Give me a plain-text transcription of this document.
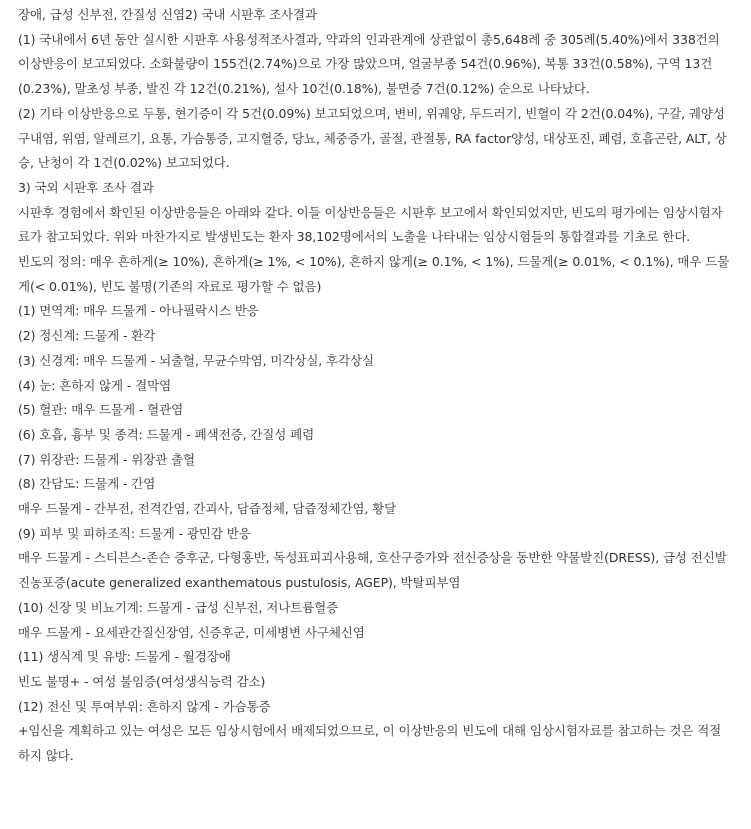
장애, 급성 신부전, 간질성 신염2) 국내 시판후 조사결과
(1) 국내에서 6년 동안 실시한 시판후 사용성적조사결과, 약과의 인과관계에 상관없이 총5,648례 중 305례(5.40%)에서 338건의 이상반응이 보고되었다. 소화불량이 155건(2.74%)으로 가장 많았으며, 얼굴부종 54건(0.96%), 복통 33건(0.58%), 구역 13건(0.23%), 말초성 부종, 발진 각 12건(0.21%), 설사 10건(0.18%), 불면증 7건(0.12%) 순으로 나타났다.
(2) 기타 이상반응으로 두통, 현기증이 각 5건(0.09%) 보고되었으며, 변비, 위궤양, 두드러기, 빈혈이 각 2건(0.04%), 구갈, 궤양성 구내염, 위염, 알레르기, 요통, 가슴통증, 고지혈증, 당뇨, 체중증가, 골절, 관절통, RA factor양성, 대상포진, 폐렴, 호흡곤란, ALT, 상승, 난청이 각 1건(0.02%) 보고되었다.
3) 국외 시판후 조사 결과
시판후 경험에서 확인된 이상반응들은 아래와 같다. 이들 이상반응들은 시판후 보고에서 확인되었지만, 빈도의 평가에는 임상시험자료가 참고되었다. 위와 마찬가지로 발생빈도는 환자 38,102명에서의 노출을 나타내는 임상시험들의 통합결과를 기초로 한다.
빈도의 정의: 매우 흔하게(≥ 10%), 흔하게(≥ 1%, < 10%), 흔하지 않게(≥ 0.1%, < 1%), 드물게(≥ 0.01%, < 0.1%), 매우 드물게(< 0.01%), 빈도 불명(기존의 자료로 평가할 수 없음)
(1) 면역계: 매우 드물게 - 아나필락시스 반응
(2) 정신계: 드물게 - 환각
(3) 신경계: 매우 드물게 - 뇌출혈, 무균수막염, 미각상실, 후각상실
(4) 눈: 흔하지 않게 - 결막염
(5) 혈관: 매우 드물게 - 혈관염
(6) 호흡, 흉부 및 종격: 드물게 - 폐색전증, 간질성 폐렴
(7) 위장관: 드물게 - 위장관 출혈
(8) 간담도: 드물게 - 간염
매우 드물게 - 간부전, 전격간염, 간괴사, 담즙정체, 담즙정체간염, 황달
(9) 피부 및 피하조직: 드물게 - 광민감 반응
매우 드물게 - 스티븐스-존슨 증후군, 다형홍반, 독성표피괴사용해, 호산구증가와 전신증상을 동반한 약물발진(DRESS), 급성 전신발진농포증(acute generalized exanthematous pustulosis, AGEP), 박탈피부염
(10) 신장 및 비뇨기계: 드물게 - 급성 신부전, 저나트륨혈증
매우 드물게 - 요세관간질신장염, 신증후군, 미세병변 사구체신염
(11) 생식계 및 유방: 드물게 - 월경장애
빈도 불명+ - 여성 불임증(여성생식능력 감소)
(12) 전신 및 투여부위: 흔하지 않게 - 가슴통증
+임신을 계획하고 있는 여성은 모든 임상시험에서 배제되었으므로, 이 이상반응의 빈도에 대해 임상시험자료를 참고하는 것은 적절하지 않다.
